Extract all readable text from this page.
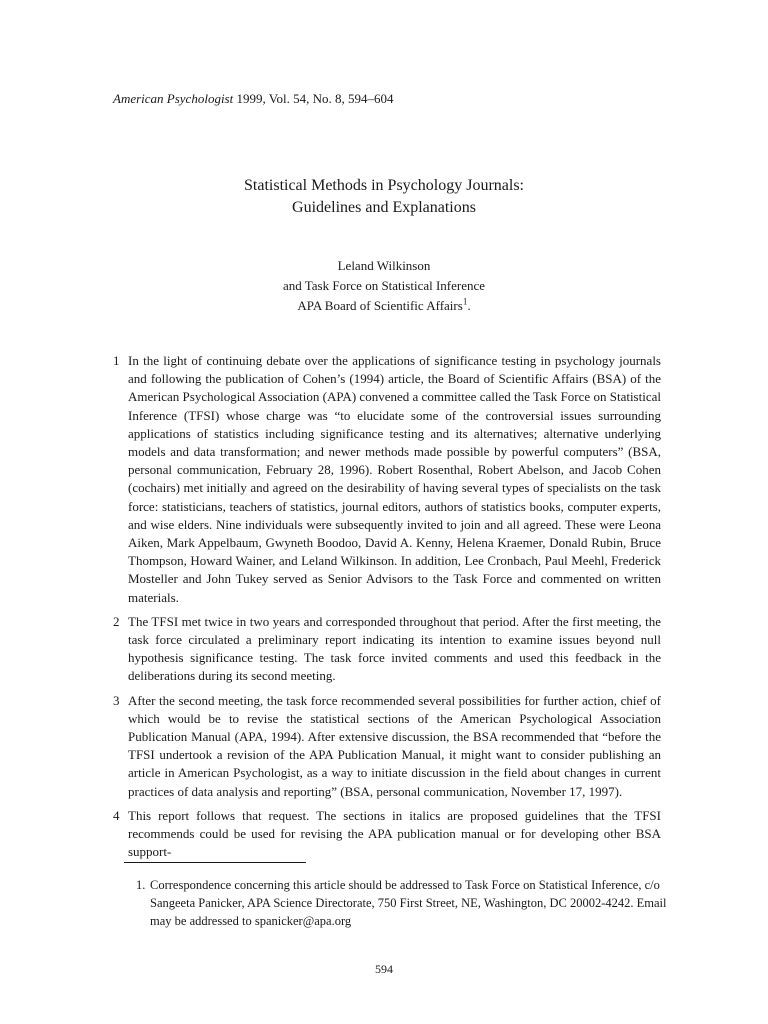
American Psychologist 1999, Vol. 54, No. 8, 594–604
Statistical Methods in Psychology Journals:
Guidelines and Explanations
Leland Wilkinson
and Task Force on Statistical Inference
APA Board of Scientific Affairs$^1$.
1 In the light of continuing debate over the applications of significance testing in psychology journals and following the publication of Cohen’s (1994) article, the Board of Scientific Affairs (BSA) of the American Psychological Association (APA) convened a committee called the Task Force on Statistical Inference (TFSI) whose charge was “to elucidate some of the controversial issues surrounding applications of statistics including significance testing and its alternatives; alternative underlying models and data transformation; and newer methods made possible by powerful computers” (BSA, personal communication, February 28, 1996). Robert Rosenthal, Robert Abelson, and Jacob Cohen (cochairs) met initially and agreed on the desirability of having several types of specialists on the task force: statisticians, teachers of statistics, journal editors, authors of statistics books, computer experts, and wise elders. Nine individuals were subsequently invited to join and all agreed. These were Leona Aiken, Mark Appelbaum, Gwyneth Boodoo, David A. Kenny, Helena Kraemer, Donald Rubin, Bruce Thompson, Howard Wainer, and Leland Wilkinson. In addition, Lee Cronbach, Paul Meehl, Frederick Mosteller and John Tukey served as Senior Advisors to the Task Force and commented on written materials.
2 The TFSI met twice in two years and corresponded throughout that period. After the first meeting, the task force circulated a preliminary report indicating its intention to examine issues beyond null hypothesis significance testing. The task force invited comments and used this feedback in the deliberations during its second meeting.
3 After the second meeting, the task force recommended several possibilities for further action, chief of which would be to revise the statistical sections of the American Psychological Association Publication Manual (APA, 1994). After extensive discussion, the BSA recommended that “before the TFSI undertook a revision of the APA Publication Manual, it might want to consider publishing an article in American Psychologist, as a way to initiate discussion in the field about changes in current practices of data analysis and reporting” (BSA, personal communication, November 17, 1997).
4 This report follows that request. The sections in italics are proposed guidelines that the TFSI recommends could be used for revising the APA publication manual or for developing other BSA support-
1. Correspondence concerning this article should be addressed to Task Force on Statistical Inference, c/o Sangeeta Panicker, APA Science Directorate, 750 First Street, NE, Washington, DC 20002-4242. Email may be addressed to spanicker@apa.org
594
